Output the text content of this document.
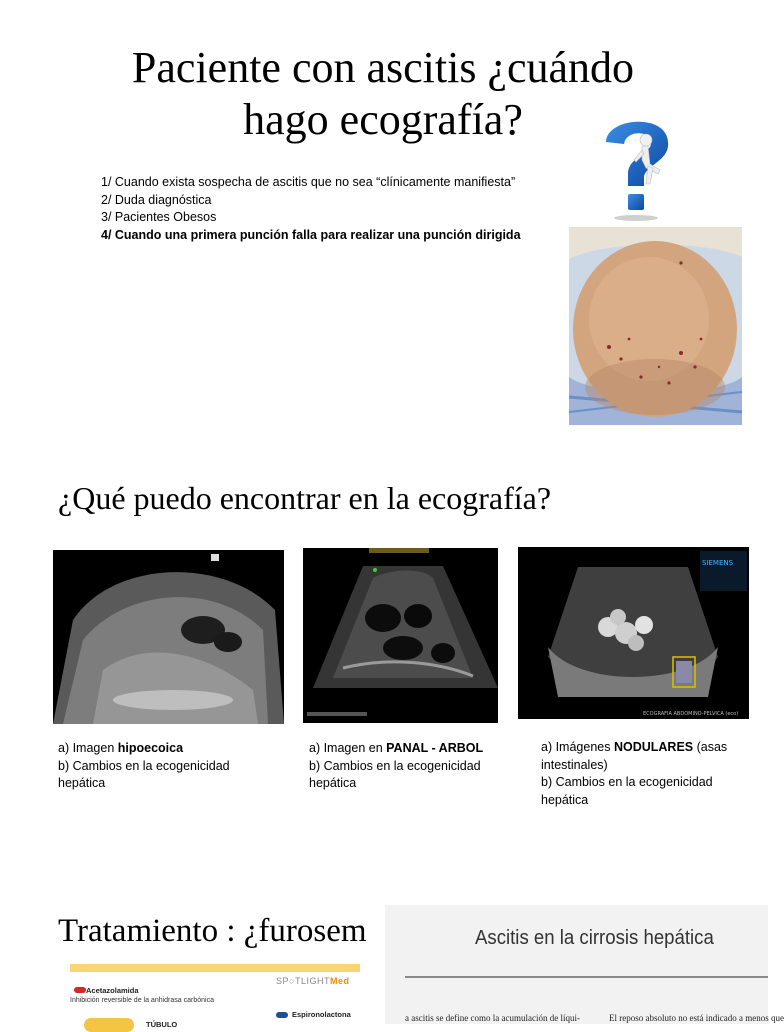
Paciente con ascitis ¿cuándo
hago ecografía?
1/ Cuando exista sospecha de ascitis que no sea “clínicamente manifiesta”
2/ Duda diagnóstica
3/ Pacientes Obesos
4/ Cuando una primera punción falla para realizar una punción dirigida
¿Qué puedo encontrar en la ecografía?
SIEMENS
ECOGRAFIA ABDOMINO-PELVICA (eco)
a) Imagen hipoecoica
b) Cambios en la ecogenicidad hepática
a) Imagen en PANAL - ARBOL
b) Cambios en la ecogenicidad hepática
a) Imágenes NODULARES (asas intestinales)
b) Cambios en la ecogenicidad hepática
Tratamiento : ¿furosem
Acetazolamida
Inhibición reversible de la anhidrasa carbónica
TÚBULO
SP○TLIGHTMed
Espironolactona
Ascitis en la cirrosis hepática
a ascitis se define como la acumulación de líqui-	El reposo absoluto no está indicado a menos que
